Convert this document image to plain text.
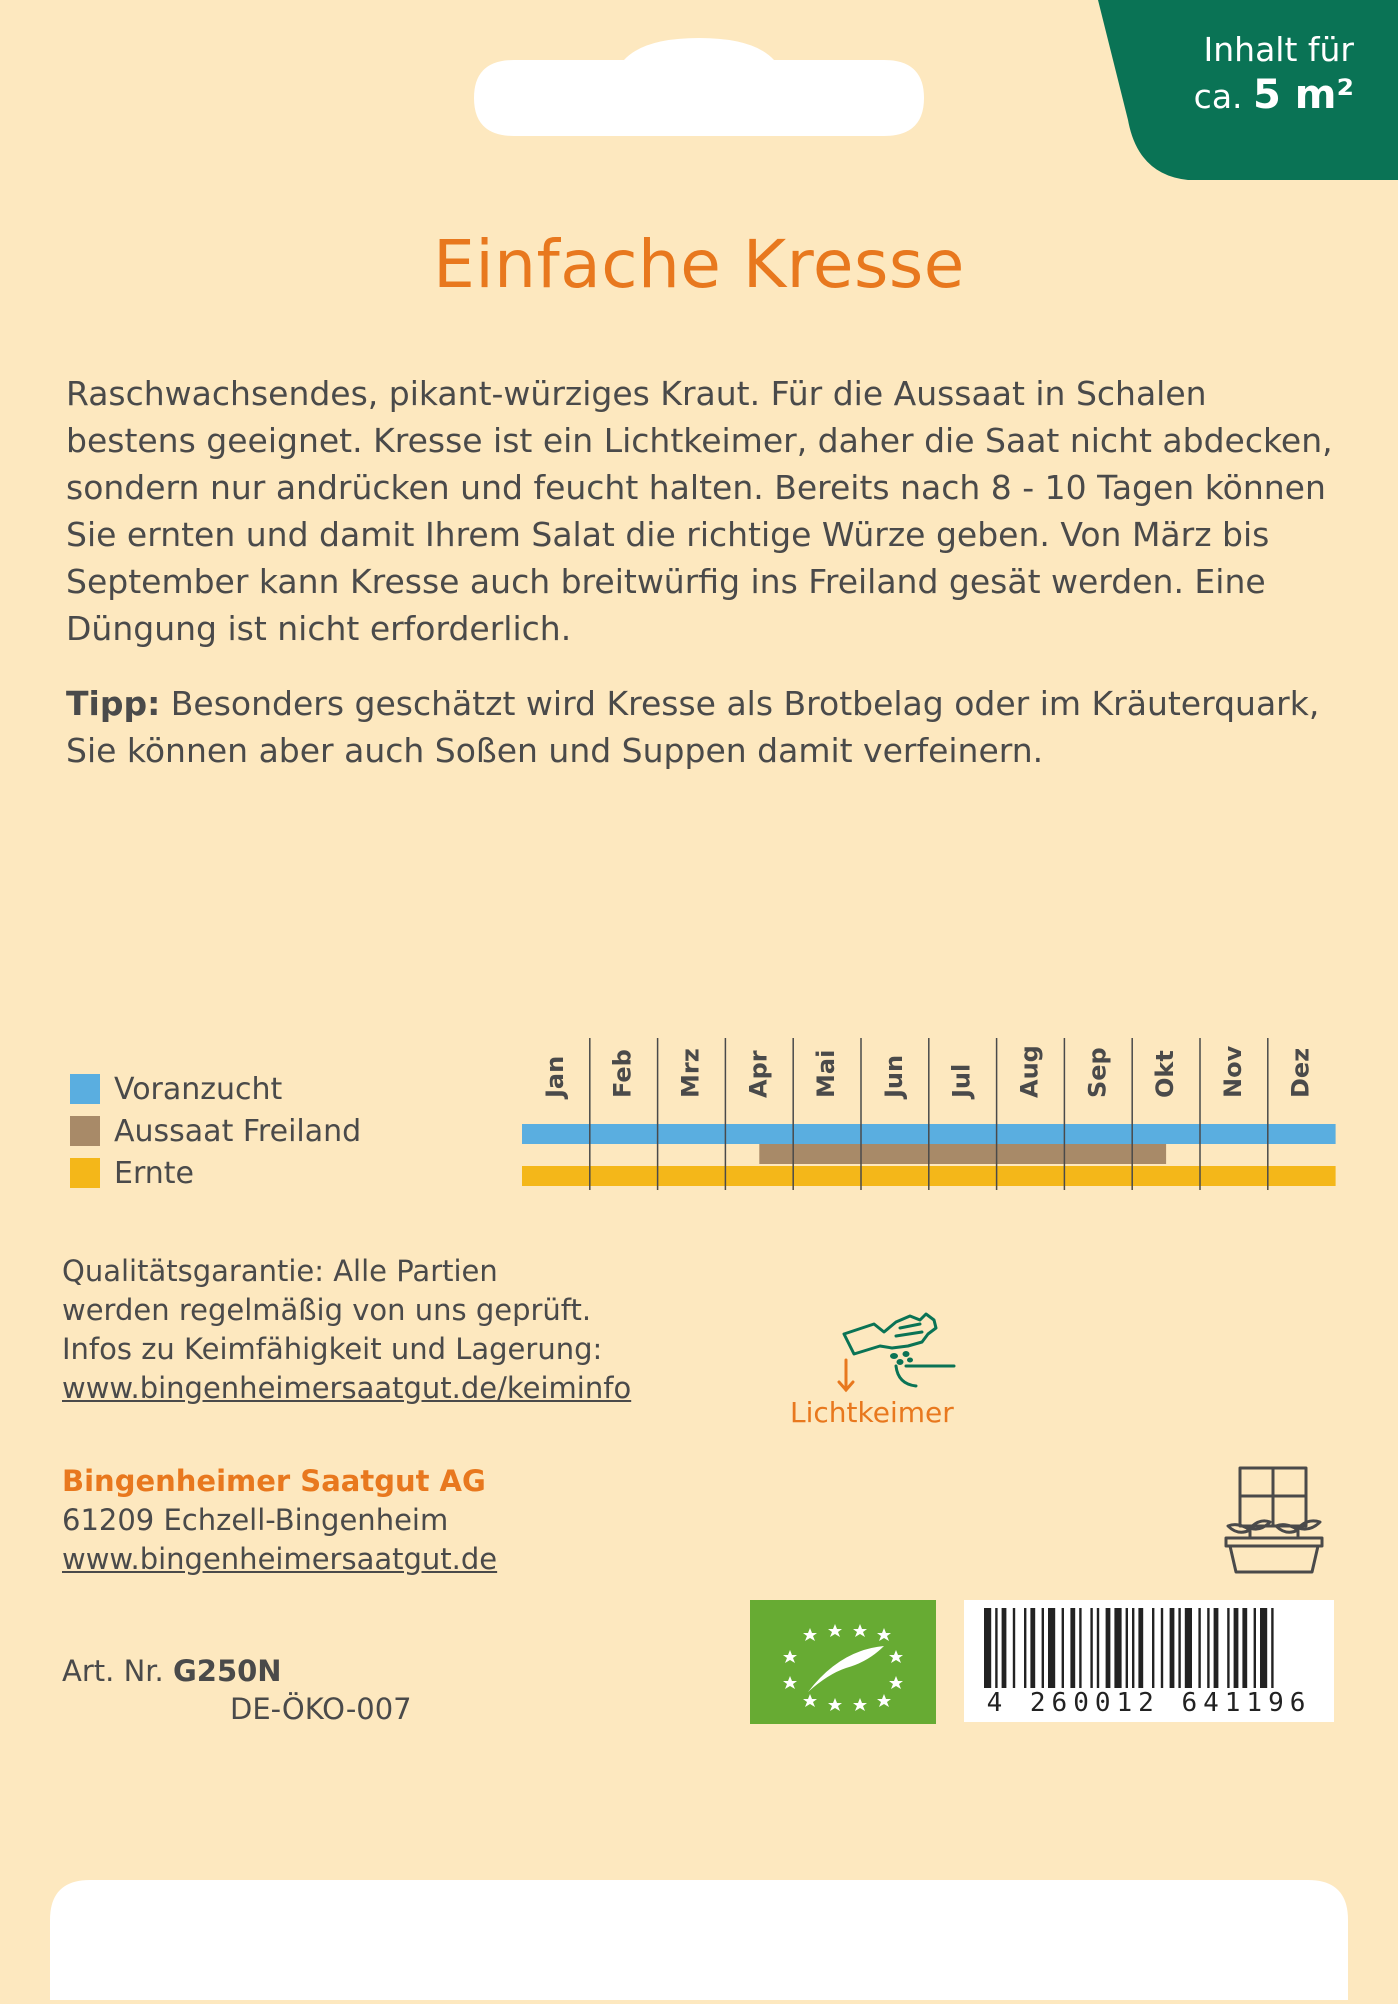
Inhalt für
ca. 5 m²
Einfache Kresse

Raschwachsendes, pikant-würziges Kraut. Für die Aussaat in Schalen bestens geeignet. Kresse ist ein Lichtkeimer, daher die Saat nicht abdecken, sondern nur andrücken und feucht halten. Bereits nach 8 - 10 Tagen können Sie ernten und damit Ihrem Salat die richtige Würze geben. Von März bis September kann Kresse auch breitwürfig ins Freiland gesät werden. Eine Düngung ist nicht erforderlich.

Tipp: Besonders geschätzt wird Kresse als Brotbelag oder im Kräuterquark, Sie können aber auch Soßen und Suppen damit verfeinern.

Voranzucht
Aussaat Freiland
Ernte
Jan Feb Mrz Apr Mai Jun Jul Aug Sep Okt Nov Dez
Qualitätsgarantie: Alle Partien
werden regelmäßig von uns geprüft.
Infos zu Keimfähigkeit und Lagerung:
www.bingenheimersaatgut.de/keiminfo
Lichtkeimer
Bingenheimer Saatgut AG
61209 Echzell-Bingenheim
www.bingenheimersaatgut.de
Art. Nr. G250N
DE-ÖKO-007	4 260012 641196
